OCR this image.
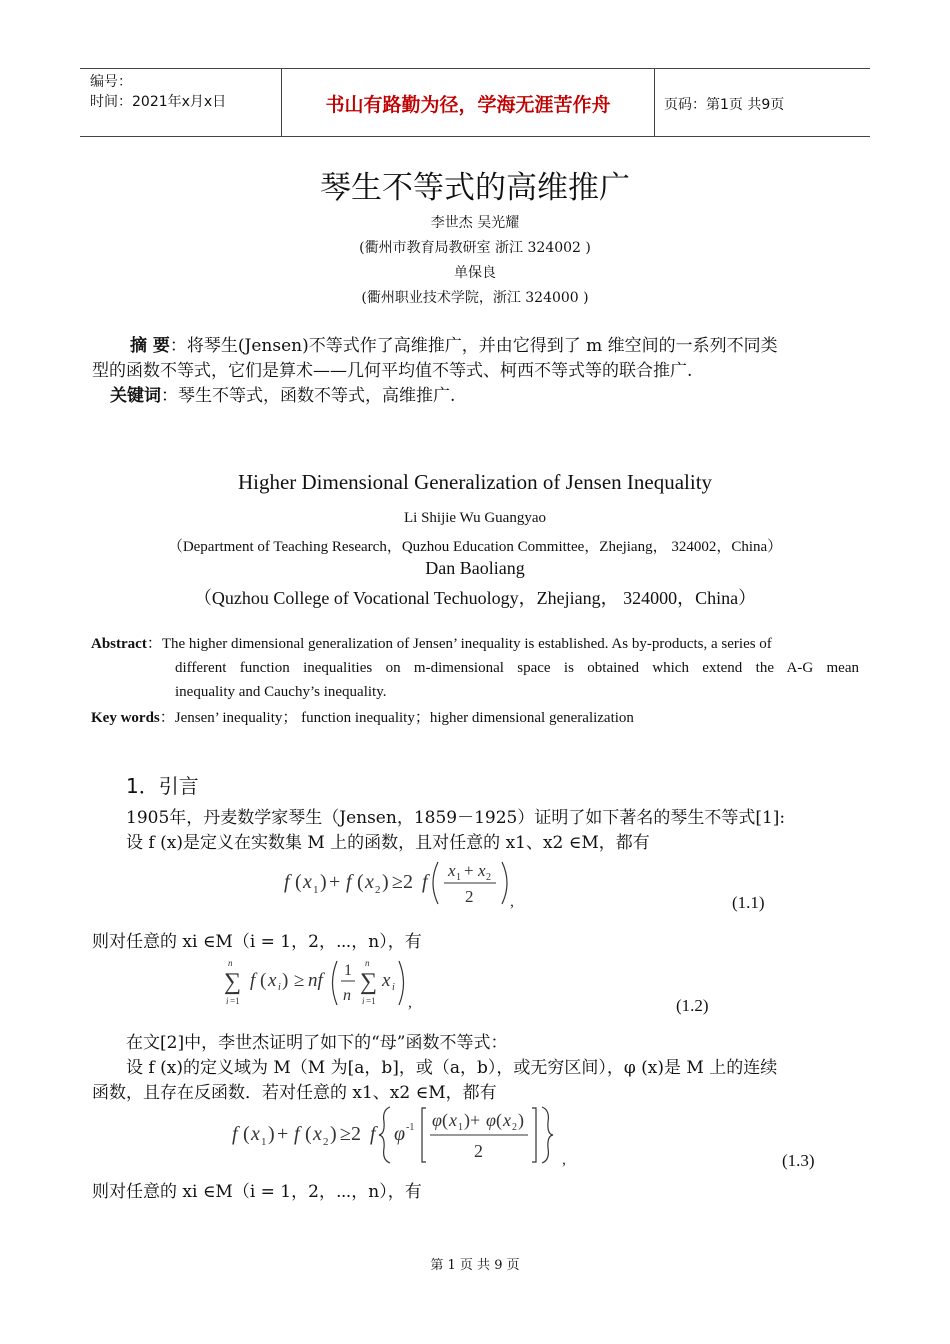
编号：
时间：2021年x月x日	书山有路勤为径，学海无涯苦作舟	页码：第1页 共9页
琴生不等式的高维推广
李世杰 吴光耀
(衢州市教育局教研室 浙江 324002 )
单保良
(衢州职业技术学院，浙江 324000 )
摘 要：将琴生(Jensen)不等式作了高维推广，并由它得到了 m 维空间的一系列不同类
型的函数不等式，它们是算术——几何平均值不等式、柯西不等式等的联合推广.
关键词：琴生不等式，函数不等式，高维推广.
Higher Dimensional Generalization of Jensen Inequality
Li Shijie Wu Guangyao
（Department of Teaching Research，Quzhou Education Committee，Zhejiang， 324002，China）
Dan Baoliang
（Quzhou College of Vocational Techuology，Zhejiang， 324000，China）
Abstract：The higher dimensional generalization of Jensen’ inequality is established. As by-products, a series of
different function inequalities on m-dimensional space is obtained which extend the A-G mean
inequality and Cauchy’s inequality.
Key words：Jensen’ inequality； function inequality；higher dimensional generalization
1．引言
1905年，丹麦数学家琴生（Jensen，1859－1925）证明了如下著名的琴生不等式[1]:
设 f (x)是定义在实数集 M 上的函数，且对任意的 x1、x2 ∈M，都有
f ( x 1 ) + f ( x 2 ) ≥2 f
x 1 + x 2
2 ,	(1.1)
则对任意的 xi ∈M（i = 1，2，⋯，n），有
n
∑
i =1
f ( x i ) ≥ nf 1
n
n
∑
i =1
x i
,	(1.2)
在文[2]中，李世杰证明了如下的“母”函数不等式：
设 f (x)的定义域为 M（M 为[a，b]，或（a，b），或无穷区间），φ (x)是 M 上的连续
函数，且存在反函数．若对任意的 x1、x2 ∈M，都有
f ( x 1 ) + f ( x 2 ) ≥2 f φ -1 φ ( x 1 )+ φ ( x 2 )
2	,	(1.3)
则对任意的 xi ∈M（i = 1，2，⋯，n），有
第 1 页 共 9 页
